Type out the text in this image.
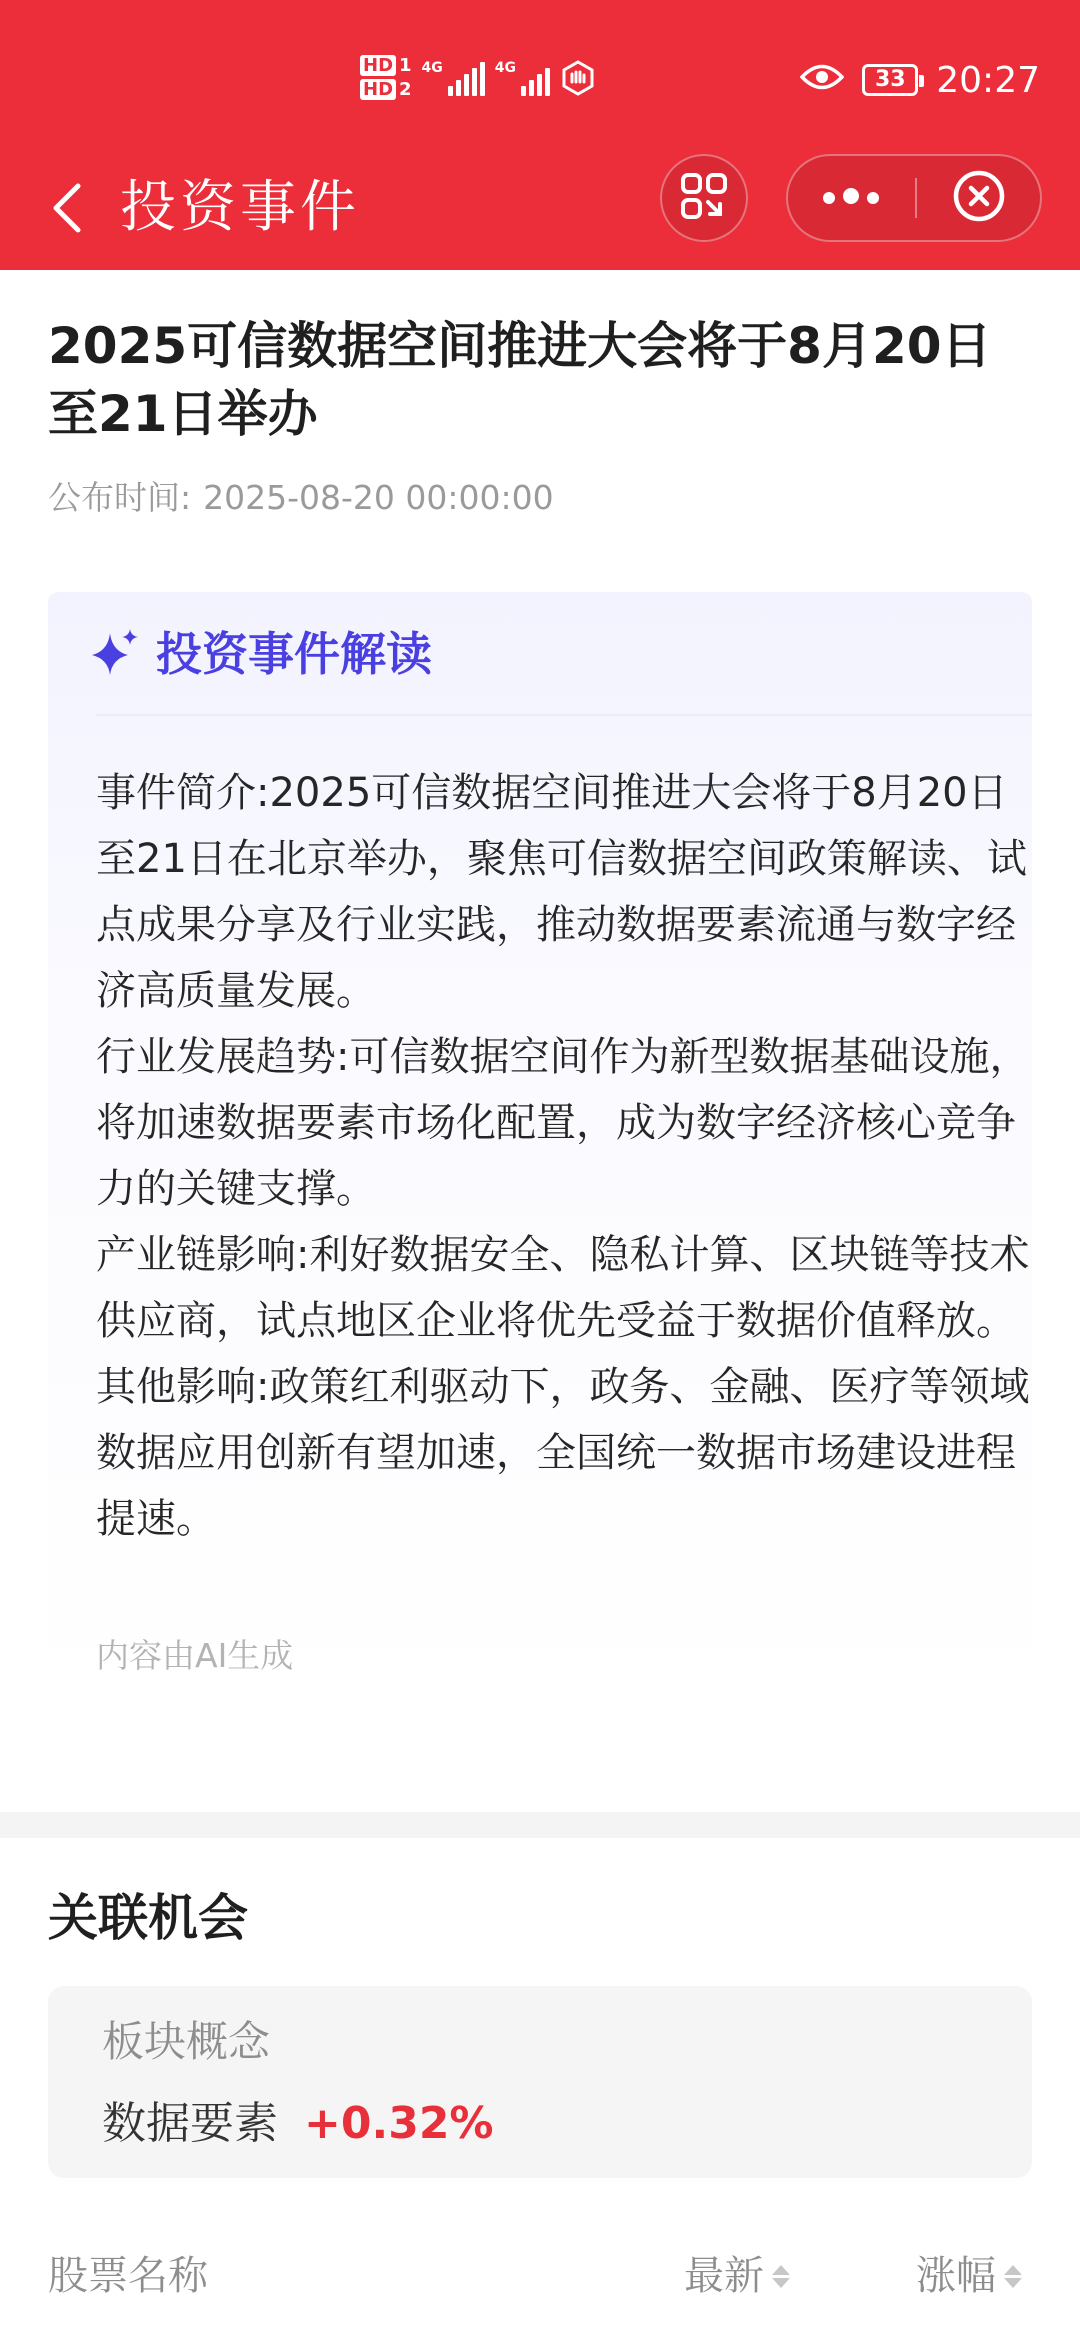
HD 1
HD 2
4G	4G	33 20:27
投资事件
2025可信数据空间推进大会将于8月20日至21日举办
公布时间: 2025-08-20 00:00:00
投资事件解读

事件简介:2025可信数据空间推进大会将于8月20日至21日在北京举办，聚焦可信数据空间政策解读、试点成果分享及行业实践，推动数据要素流通与数字经济高质量发展。

行业发展趋势:可信数据空间作为新型数据基础设施，将加速数据要素市场化配置，成为数字经济核心竞争力的关键支撑。

产业链影响:利好数据安全、隐私计算、区块链等技术供应商，试点地区企业将优先受益于数据价值释放。

其他影响:政策红利驱动下，政务、金融、医疗等领域数据应用创新有望加速，全国统一数据市场建设进程提速。

内容由AI生成
关联机会
板块概念
数据要素 +0.32%
股票名称	最新	涨幅
